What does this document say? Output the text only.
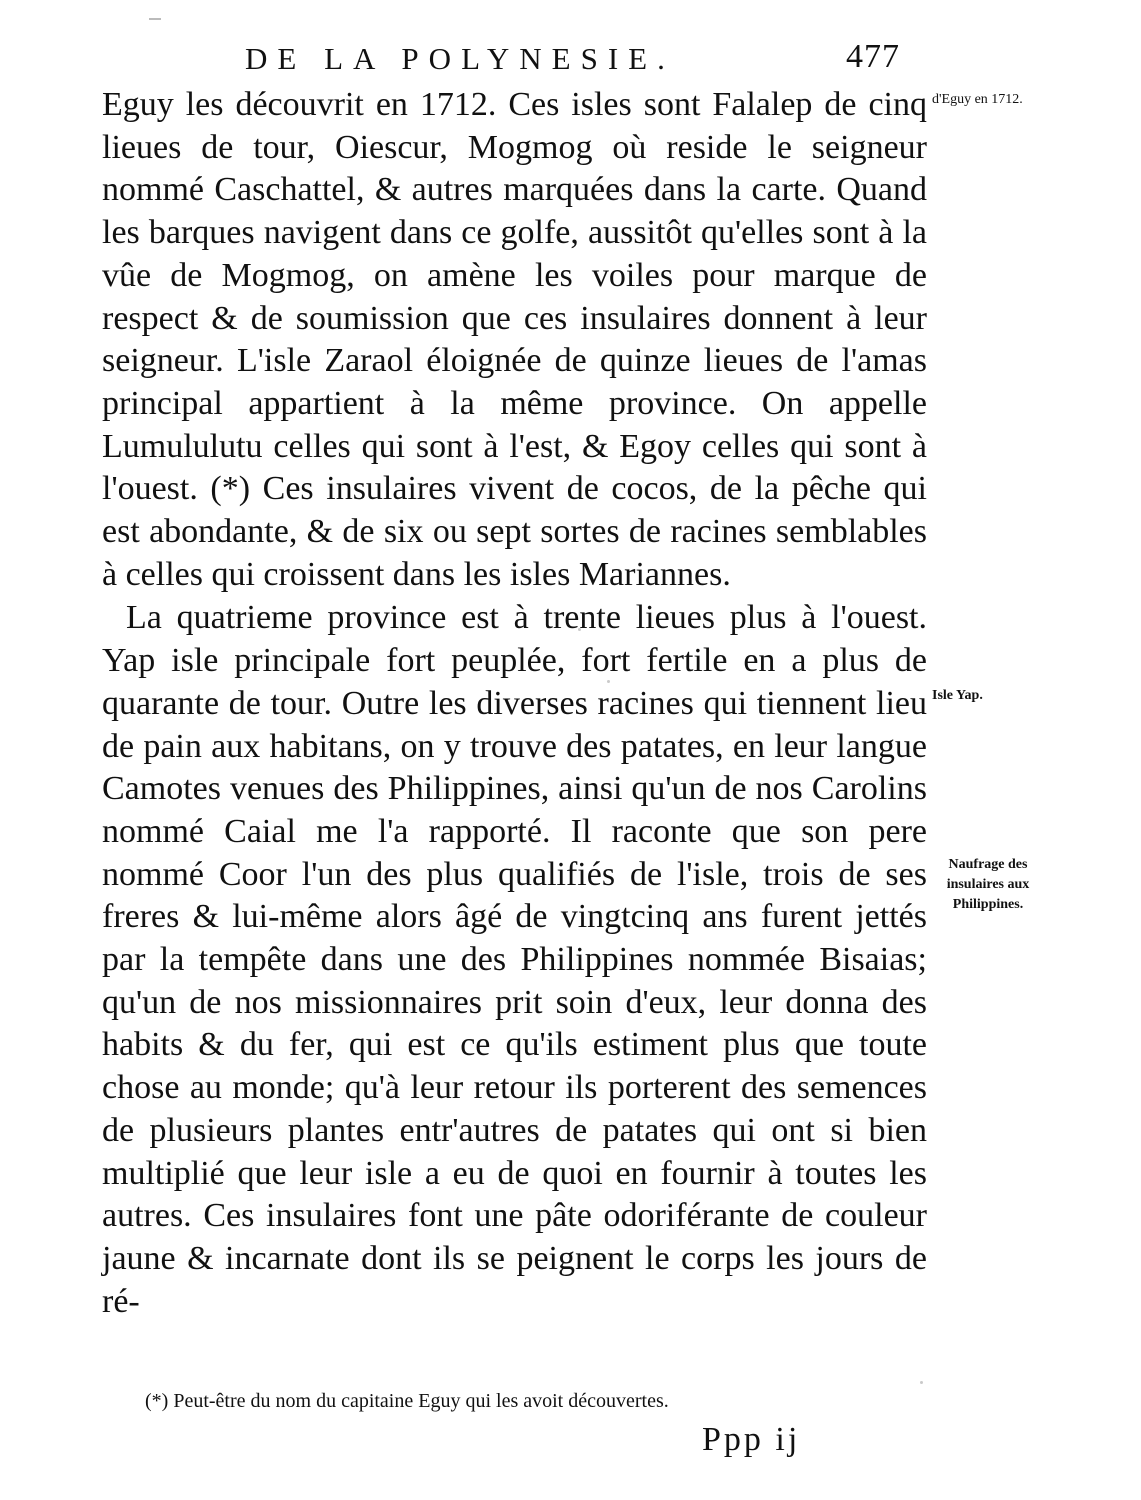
DE LA POLYNESIE.	477
d'Eguy en 1712.
Isle Yap.
Naufrage des insulaires aux Philippines.

Eguy les découvrit en 1712. Ces isles sont Falalep de cinq lieues de tour, Oiescur, Mogmog où reside le seigneur nommé Caschattel, & autres marquées dans la carte. Quand les barques navigent dans ce golfe, aussitôt qu'elles sont à la vûe de Mogmog, on amène les voiles pour marque de respect & de soumission que ces insulaires donnent à leur seigneur. L'isle Zaraol éloignée de quinze lieues de l'amas principal appartient à la même province. On appelle Lumululutu celles qui sont à l'est, & Egoy celles qui sont à l'ouest. (*) Ces insulaires vivent de cocos, de la pêche qui est abondante, & de six ou sept sortes de racines semblables à celles qui croissent dans les isles Mariannes.

La quatrieme province est à trente lieues plus à l'ouest. Yap isle principale fort peuplée, fort fertile en a plus de quarante de tour. Outre les diverses racines qui tiennent lieu de pain aux habitans, on y trouve des patates, en leur langue Camotes venues des Philippines, ainsi qu'un de nos Carolins nommé Caial me l'a rapporté. Il raconte que son pere nommé Coor l'un des plus qualifiés de l'isle, trois de ses freres & lui-même alors âgé de vingtcinq ans furent jettés par la tempête dans une des Philippines nommée Bisaias; qu'un de nos missionnaires prit soin d'eux, leur donna des habits & du fer, qui est ce qu'ils estiment plus que toute chose au monde; qu'à leur retour ils porterent des semences de plusieurs plantes entr'autres de patates qui ont si bien multiplié que leur isle a eu de quoi en fournir à toutes les autres. Ces insulaires font une pâte odoriférante de couleur jaune & incarnate dont ils se peignent le corps les jours de ré-

(*) Peut-être du nom du capitaine Eguy qui les avoit découvertes.
Ppp ij
